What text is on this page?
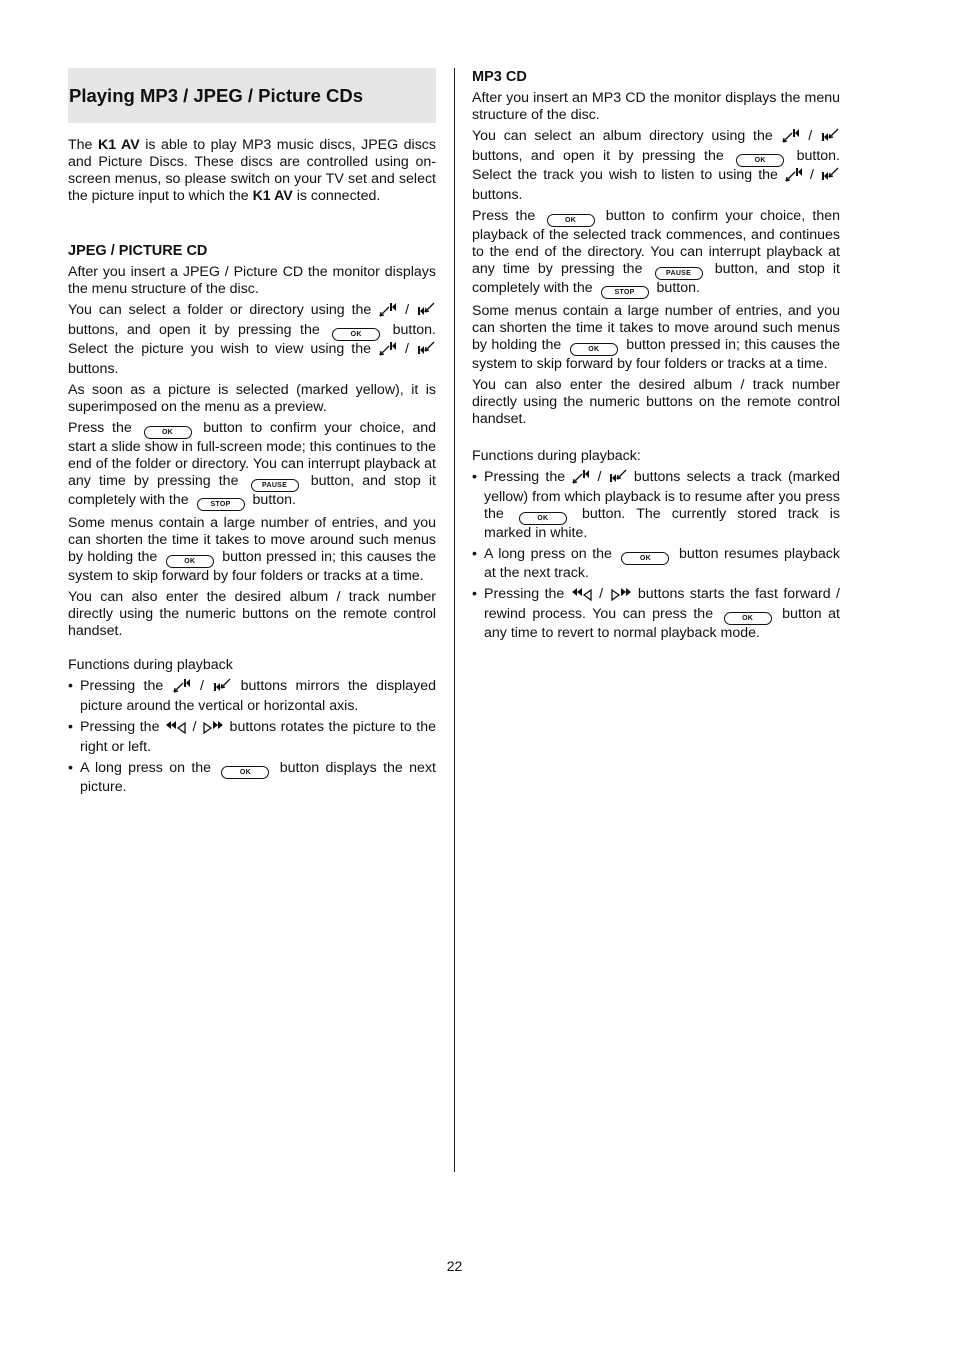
Playing MP3 / JPEG / Picture CDs

The K1 AV is able to play MP3 music discs, JPEG discs and Picture Discs. These discs are controlled using on-screen menus, so please switch on your TV set and select the picture input to which the K1 AV is connected.

JPEG / PICTURE CD

After you insert a JPEG / Picture CD the monitor displays the menu structure of the disc.

You can select a folder or directory using the  /  buttons, and open it by pressing the	OK button. Select the picture you wish to view using the  /  buttons.

As soon as a picture is selected (marked yellow), it is superimposed on the menu as a preview.

Press the	OK button to confirm your choice, and start a slide show in full-screen mode; this continues to the end of the folder or directory. You can interrupt playback at any time by pressing the PAUSE button, and stop it completely with the	STOP button.

Some menus contain a large number of entries, and you can shorten the time it takes to move around such menus by holding the	OK button pressed in; this causes the system to skip forward by four folders or tracks at a time.

You can also enter the desired album / track number directly using the numeric buttons on the remote control handset.

Functions during playback

• Pressing the  /  buttons mirrors the displayed picture around the vertical or horizontal axis.
• Pressing the  /  buttons rotates the picture to the right or left.
• A long press on the	OK button displays the next picture.
MP3 CD

After you insert an MP3 CD the monitor displays the menu structure of the disc.

You can select an album directory using the  /  buttons, and open it by pressing the	OK button. Select the track you wish to listen to using the  /  buttons.

Press the	OK button to confirm your choice, then playback of the selected track commences, and continues to the end of the directory. You can interrupt playback at any time by pressing the PAUSE button, and stop it completely with the	STOP button.

Some menus contain a large number of entries, and you can shorten the time it takes to move around such menus by holding the	OK button pressed in; this causes the system to skip forward by four folders or tracks at a time.

You can also enter the desired album / track number directly using the numeric buttons on the remote control handset.

Functions during playback:

• Pressing the  /  buttons selects a track (marked yellow) from which playback is to resume after you press the	OK button. The currently stored track is marked in white.
• A long press on the	OK button resumes playback at the next track.
• Pressing the  /  buttons starts the fast forward / rewind process. You can press the	OK button at any time to revert to normal playback mode.
22
